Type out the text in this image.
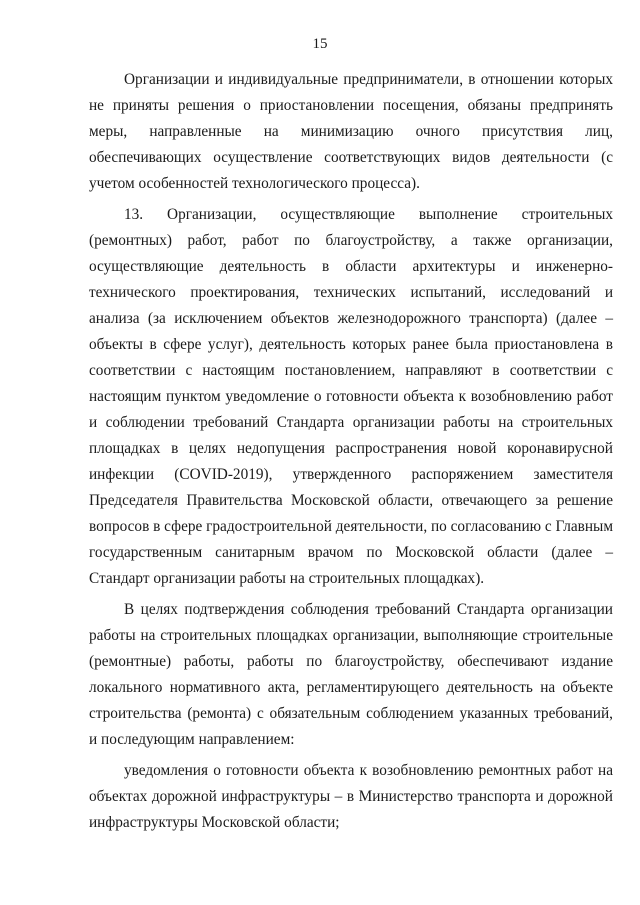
15

Организации и индивидуальные предприниматели, в отношении которых не приняты решения о приостановлении посещения, обязаны предпринять меры, направленные на минимизацию очного присутствия лиц, обеспечивающих осуществление соответствующих видов деятельности (с учетом особенностей технологического процесса).

13. Организации, осуществляющие выполнение строительных (ремонтных) работ, работ по благоустройству, а также организации, осуществляющие деятельность в области архитектуры и инженерно-технического проектирования, технических испытаний, исследований и анализа (за исключением объектов железнодорожного транспорта) (далее – объекты в сфере услуг), деятельность которых ранее была приостановлена в соответствии с настоящим постановлением, направляют в соответствии с настоящим пунктом уведомление о готовности объекта к возобновлению работ и соблюдении требований Стандарта организации работы на строительных площадках в целях недопущения распространения новой коронавирусной инфекции (COVID-2019), утвержденного распоряжением заместителя Председателя Правительства Московской области, отвечающего за решение вопросов в сфере градостроительной деятельности, по согласованию с Главным государственным санитарным врачом по Московской области (далее – Стандарт организации работы на строительных площадках).

В целях подтверждения соблюдения требований Стандарта организации работы на строительных площадках организации, выполняющие строительные (ремонтные) работы, работы по благоустройству, обеспечивают издание локального нормативного акта, регламентирующего деятельность на объекте строительства (ремонта) с обязательным соблюдением указанных требований, и последующим направлением:

уведомления о готовности объекта к возобновлению ремонтных работ на объектах дорожной инфраструктуры – в Министерство транспорта и дорожной инфраструктуры Московской области;
